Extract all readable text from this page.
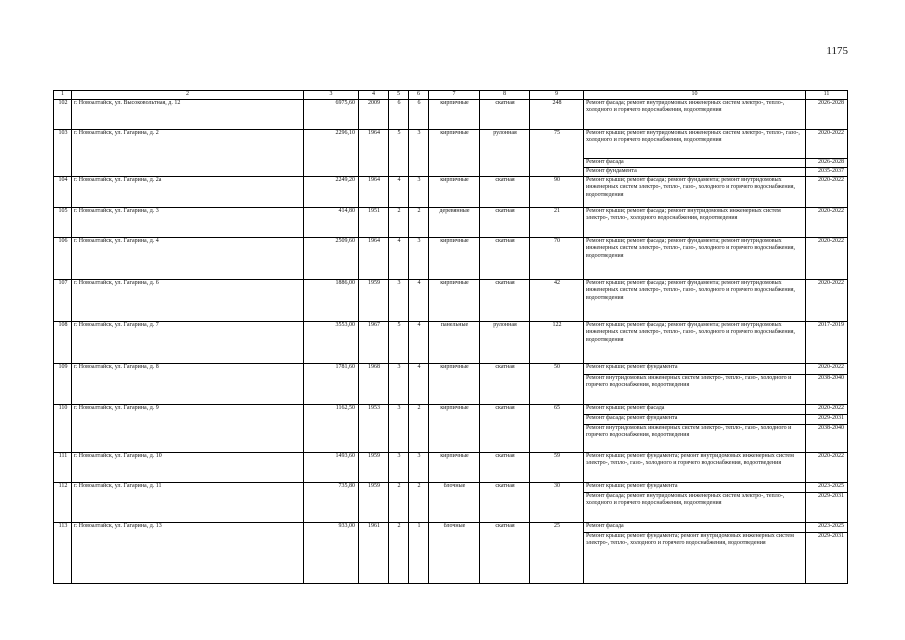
1175
1	2	3	4	5	6	7	8	9	10	11
102	г. Новоалтайск, ул. Высоковольтная, д. 12	6975,60	2009	6	6	кирпичные	скатная	248	Ремонт фасада; ремонт внутридомовых инженерных систем электро-, тепло-, холодного и горячего водоснабжения, водоотведения	2026-2028
103	г. Новоалтайск, ул. Гагарина, д. 2	2296,10	1964	5	3	кирпичные	рулонная	75	Ремонт крыши; ремонт внутридомовых инженерных систем электро-, тепло-, газо-, холодного и горячего водоснабжения, водоотведения	2020-2022
									Ремонт фасада	2026-2028
									Ремонт фундамента	2035-2037
104	г. Новоалтайск, ул. Гагарина, д. 2а	2249,20	1964	4	3	кирпичные	скатная	90	Ремонт крыши; ремонт фасада; ремонт фундамента; ремонт внутридомовых инженерных систем электро-, тепло-, газо-, холодного и горячего водоснабжения, водоотведения	2020-2022
105	г. Новоалтайск, ул. Гагарина, д. 3	414,80	1951	2	2	деревянные	скатная	21	Ремонт крыши; ремонт фасада; ремонт внутридомовых инженерных систем электро-, тепло-, холодного водоснабжения, водоотведения	2020-2022
106	г. Новоалтайск, ул. Гагарина, д. 4	2509,60	1964	4	3	кирпичные	скатная	70	Ремонт крыши; ремонт фасада; ремонт фундамента; ремонт внутридомовых инженерных систем электро-, тепло-, газо-, холодного и горячего водоснабжения, водоотведения	2020-2022
107	г. Новоалтайск, ул. Гагарина, д. 6	1886,00	1959	3	4	кирпичные	скатная	42	Ремонт крыши; ремонт фасада; ремонт фундамента; ремонт внутридомовых инженерных систем электро-, тепло-, газо-, холодного и горячего водоснабжения, водоотведения	2020-2022
108	г. Новоалтайск, ул. Гагарина, д. 7	3553,00	1967	5	4	панельные	рулонная	122	Ремонт крыши; ремонт фасада; ремонт фундамента; ремонт внутридомовых инженерных систем электро-, тепло-, газо-, холодного и горячего водоснабжения, водоотведения	2017-2019
109	г. Новоалтайск, ул. Гагарина, д. 8	1781,60	1968	3	4	кирпичные	скатная	50	Ремонт крыши; ремонт фундамента	2020-2022
									Ремонт внутридомовых инженерных систем электро-, тепло-, газо-, холодного и горячего водоснабжения, водоотведения	2038-2040
110	г. Новоалтайск, ул. Гагарина, д. 9	1162,50	1953	3	2	кирпичные	скатная	65	Ремонт крыши; ремонт фасада	2020-2022
									Ремонт фасада; ремонт фундамента	2029-2031
									Ремонт внутридомовых инженерных систем электро-, тепло-, газо-, холодного и горячего водоснабжения, водоотведения	2038-2040
111	г. Новоалтайск, ул. Гагарина, д. 10	1493,60	1959	3	3	кирпичные	скатная	59	Ремонт крыши; ремонт фундамента; ремонт внутридомовых инженерных систем электро-, тепло-, газо-, холодного и горячего водоснабжения, водоотведения	2020-2022
112	г. Новоалтайск, ул. Гагарина, д. 11	735,80	1959	2	2	блочные	скатная	30	Ремонт крыши; ремонт фундамента	2023-2025
									Ремонт фасада; ремонт внутридомовых инженерных систем электро-, тепло-, холодного и горячего водоснабжения, водоотведения	2029-2031
113	г. Новоалтайск, ул. Гагарина, д. 13	933,00	1961	2	1	блочные	скатная	25	Ремонт фасада	2023-2025
									Ремонт крыши; ремонт фундамента; ремонт внутридомовых инженерных систем электро-, тепло-, холодного и горячего водоснабжения, водоотведения	2029-2031
